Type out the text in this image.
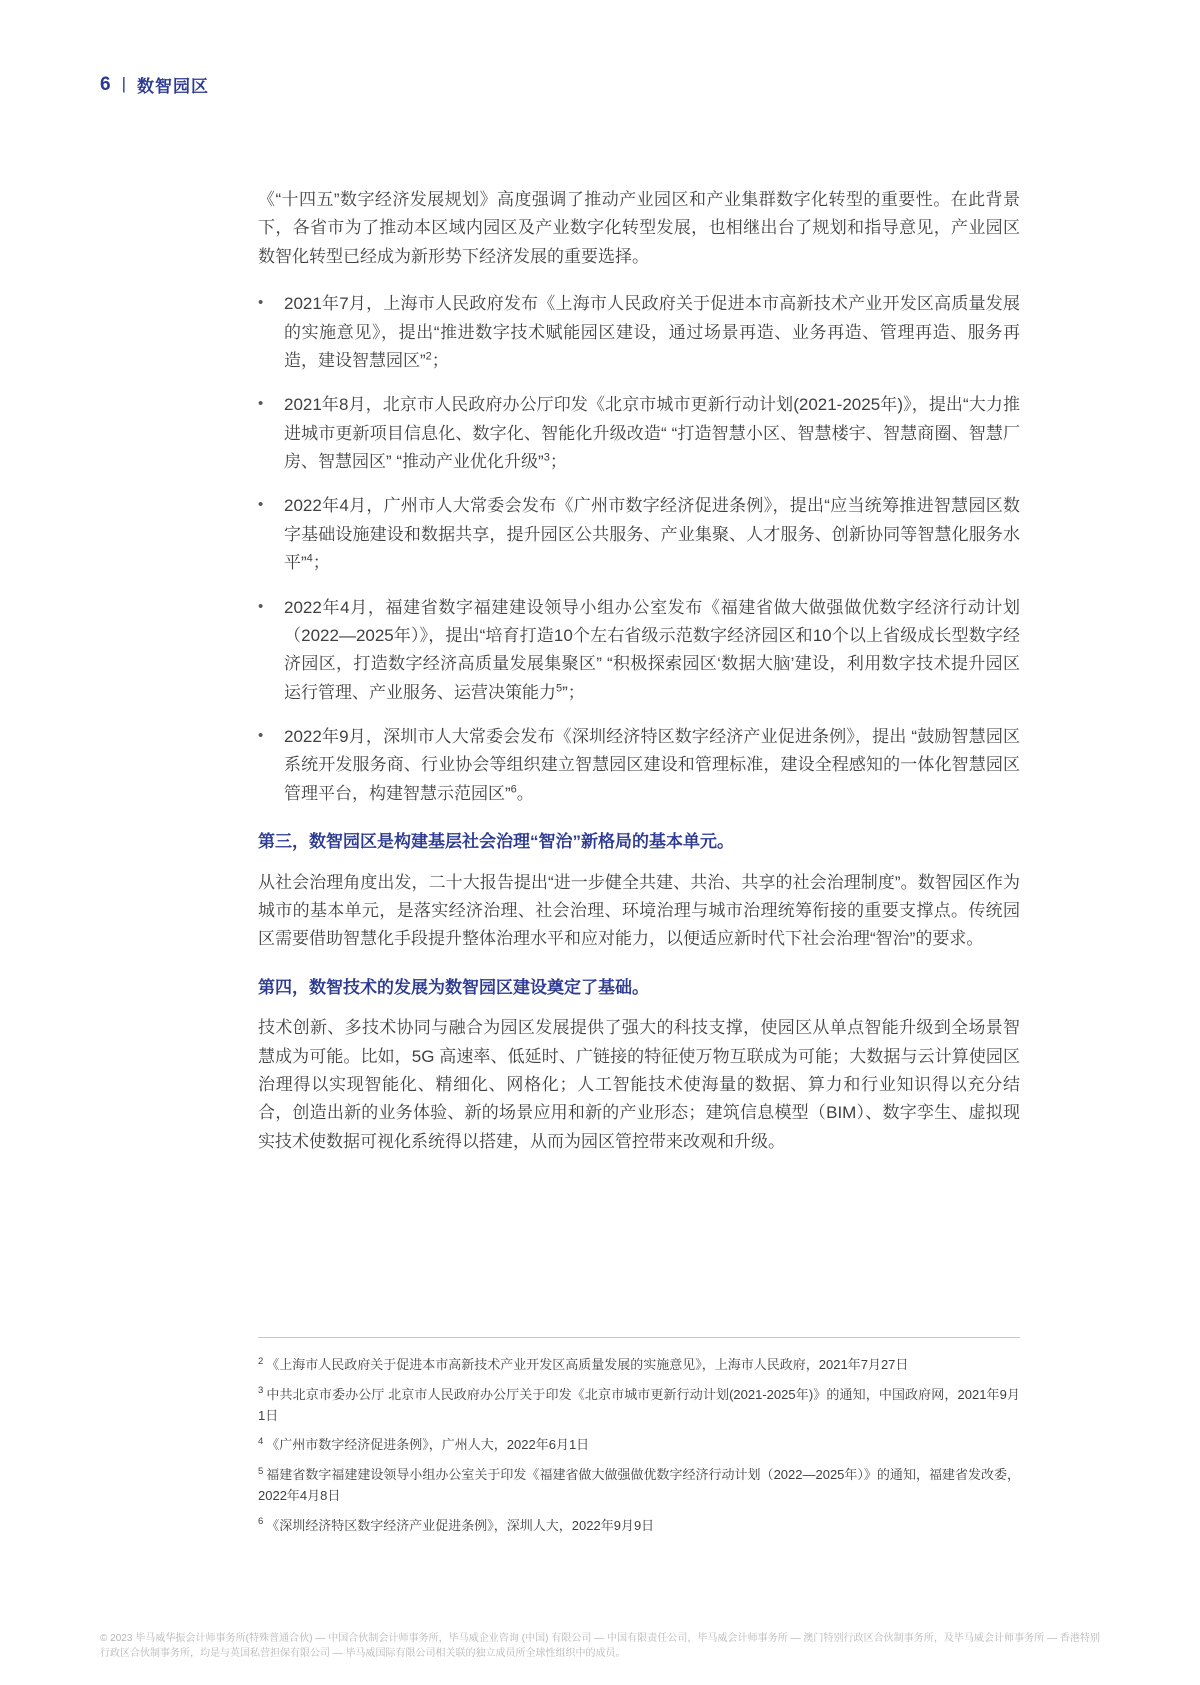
6 | 数智园区

《“十四五”数字经济发展规划》高度强调了推动产业园区和产业集群数字化转型的重要性。在此背景下，各省市为了推动本区域内园区及产业数字化转型发展，也相继出台了规划和指导意见，产业园区数智化转型已经成为新形势下经济发展的重要选择。

•	2021年7月，上海市人民政府发布《上海市人民政府关于促进本市高新技术产业开发区高质量发展的实施意见》，提出“推进数字技术赋能园区建设，通过场景再造、业务再造、管理再造、服务再造，建设智慧园区”$^2$；
•	2021年8月，北京市人民政府办公厅印发《北京市城市更新行动计划(2021-2025年)》，提出“大力推进城市更新项目信息化、数字化、智能化升级改造“ “打造智慧小区、智慧楼宇、智慧商圈、智慧厂房、智慧园区” “推动产业优化升级”$^3$；
•	2022年4月，广州市人大常委会发布《广州市数字经济促进条例》，提出“应当统筹推进智慧园区数字基础设施建设和数据共享，提升园区公共服务、产业集聚、人才服务、创新协同等智慧化服务水平”$^4$；
•	2022年4月，福建省数字福建建设领导小组办公室发布《福建省做大做强做优数字经济行动计划（2022—2025年）》，提出“培育打造10个左右省级示范数字经济园区和10个以上省级成长型数字经济园区，打造数字经济高质量发展集聚区” “积极探索园区‘数据大脑’建设，利用数字技术提升园区运行管理、产业服务、运营决策能力$^5$”；
•	2022年9月，深圳市人大常委会发布《深圳经济特区数字经济产业促进条例》，提出 “鼓励智慧园区系统开发服务商、行业协会等组织建立智慧园区建设和管理标准，建设全程感知的一体化智慧园区管理平台，构建智慧示范园区”$^6$。
第三，数智园区是构建基层社会治理“智治”新格局的基本单元。

从社会治理角度出发，二十大报告提出“进一步健全共建、共治、共享的社会治理制度”。数智园区作为城市的基本单元，是落实经济治理、社会治理、环境治理与城市治理统筹衔接的重要支撑点。传统园区需要借助智慧化手段提升整体治理水平和应对能力，以便适应新时代下社会治理“智治”的要求。

第四，数智技术的发展为数智园区建设奠定了基础。

技术创新、多技术协同与融合为园区发展提供了强大的科技支撑，使园区从单点智能升级到全场景智慧成为可能。比如，5G 高速率、低延时、广链接的特征使万物互联成为可能；大数据与云计算使园区治理得以实现智能化、精细化、网格化；人工智能技术使海量的数据、算力和行业知识得以充分结合，创造出新的业务体验、新的场景应用和新的产业形态；建筑信息模型（BIM）、数字孪生、虚拟现实技术使数据可视化系统得以搭建，从而为园区管控带来改观和升级。

$^2$ 《上海市人民政府关于促进本市高新技术产业开发区高质量发展的实施意见》，上海市人民政府，2021年7月27日
$^3$ 中共北京市委办公厅 北京市人民政府办公厅关于印发《北京市城市更新行动计划(2021-2025年)》的通知，中国政府网，2021年9月1日
$^4$ 《广州市数字经济促进条例》，广州人大，2022年6月1日
$^5$ 福建省数字福建建设领导小组办公室关于印发《福建省做大做强做优数字经济行动计划（2022—2025年）》的通知，福建省发改委，2022年4月8日
$^6$ 《深圳经济特区数字经济产业促进条例》，深圳人大，2022年9月9日

© 2023 毕马威华振会计师事务所(特殊普通合伙) — 中国合伙制会计师事务所，毕马威企业咨询 (中国) 有限公司 — 中国有限责任公司，毕马威会计师事务所 — 澳门特别行政区合伙制事务所，及毕马威会计师事务所 — 香港特别行政区合伙制事务所，均是与英国私营担保有限公司 — 毕马威国际有限公司相关联的独立成员所全球性组织中的成员。
